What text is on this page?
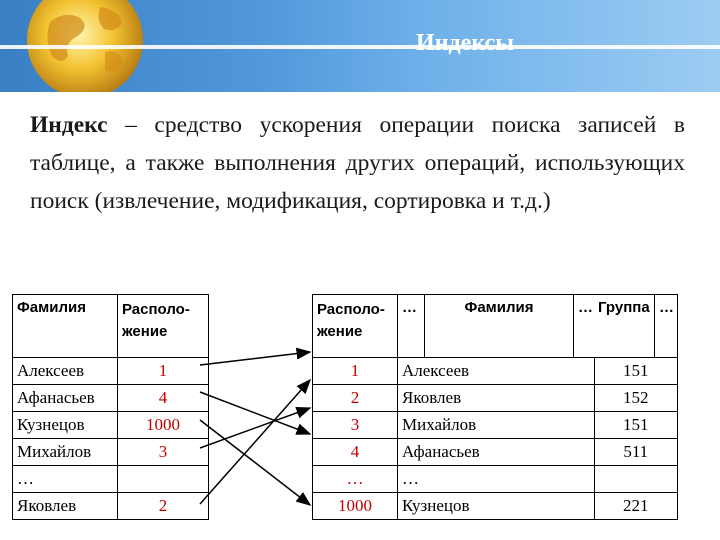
Индексы
Индекс – средство ускорения операции поиска записей в таблице, а также выполнения других операций, использующих поиск (извлечение, модификация, сортировка и т.д.)
Фамилия	Располо-жение
Алексеев	1
Афанасьев	4
Кузнецов	1000
Михайлов	3
…	
Яковлев	2
Располо-жение	…	Фамилия	…	Группа	…
1	Алексеев			151	
2	Яковлев			152	
3	Михайлов			151	
4	Афанасьев			511	
…	…				
1000	Кузнецов			221	
